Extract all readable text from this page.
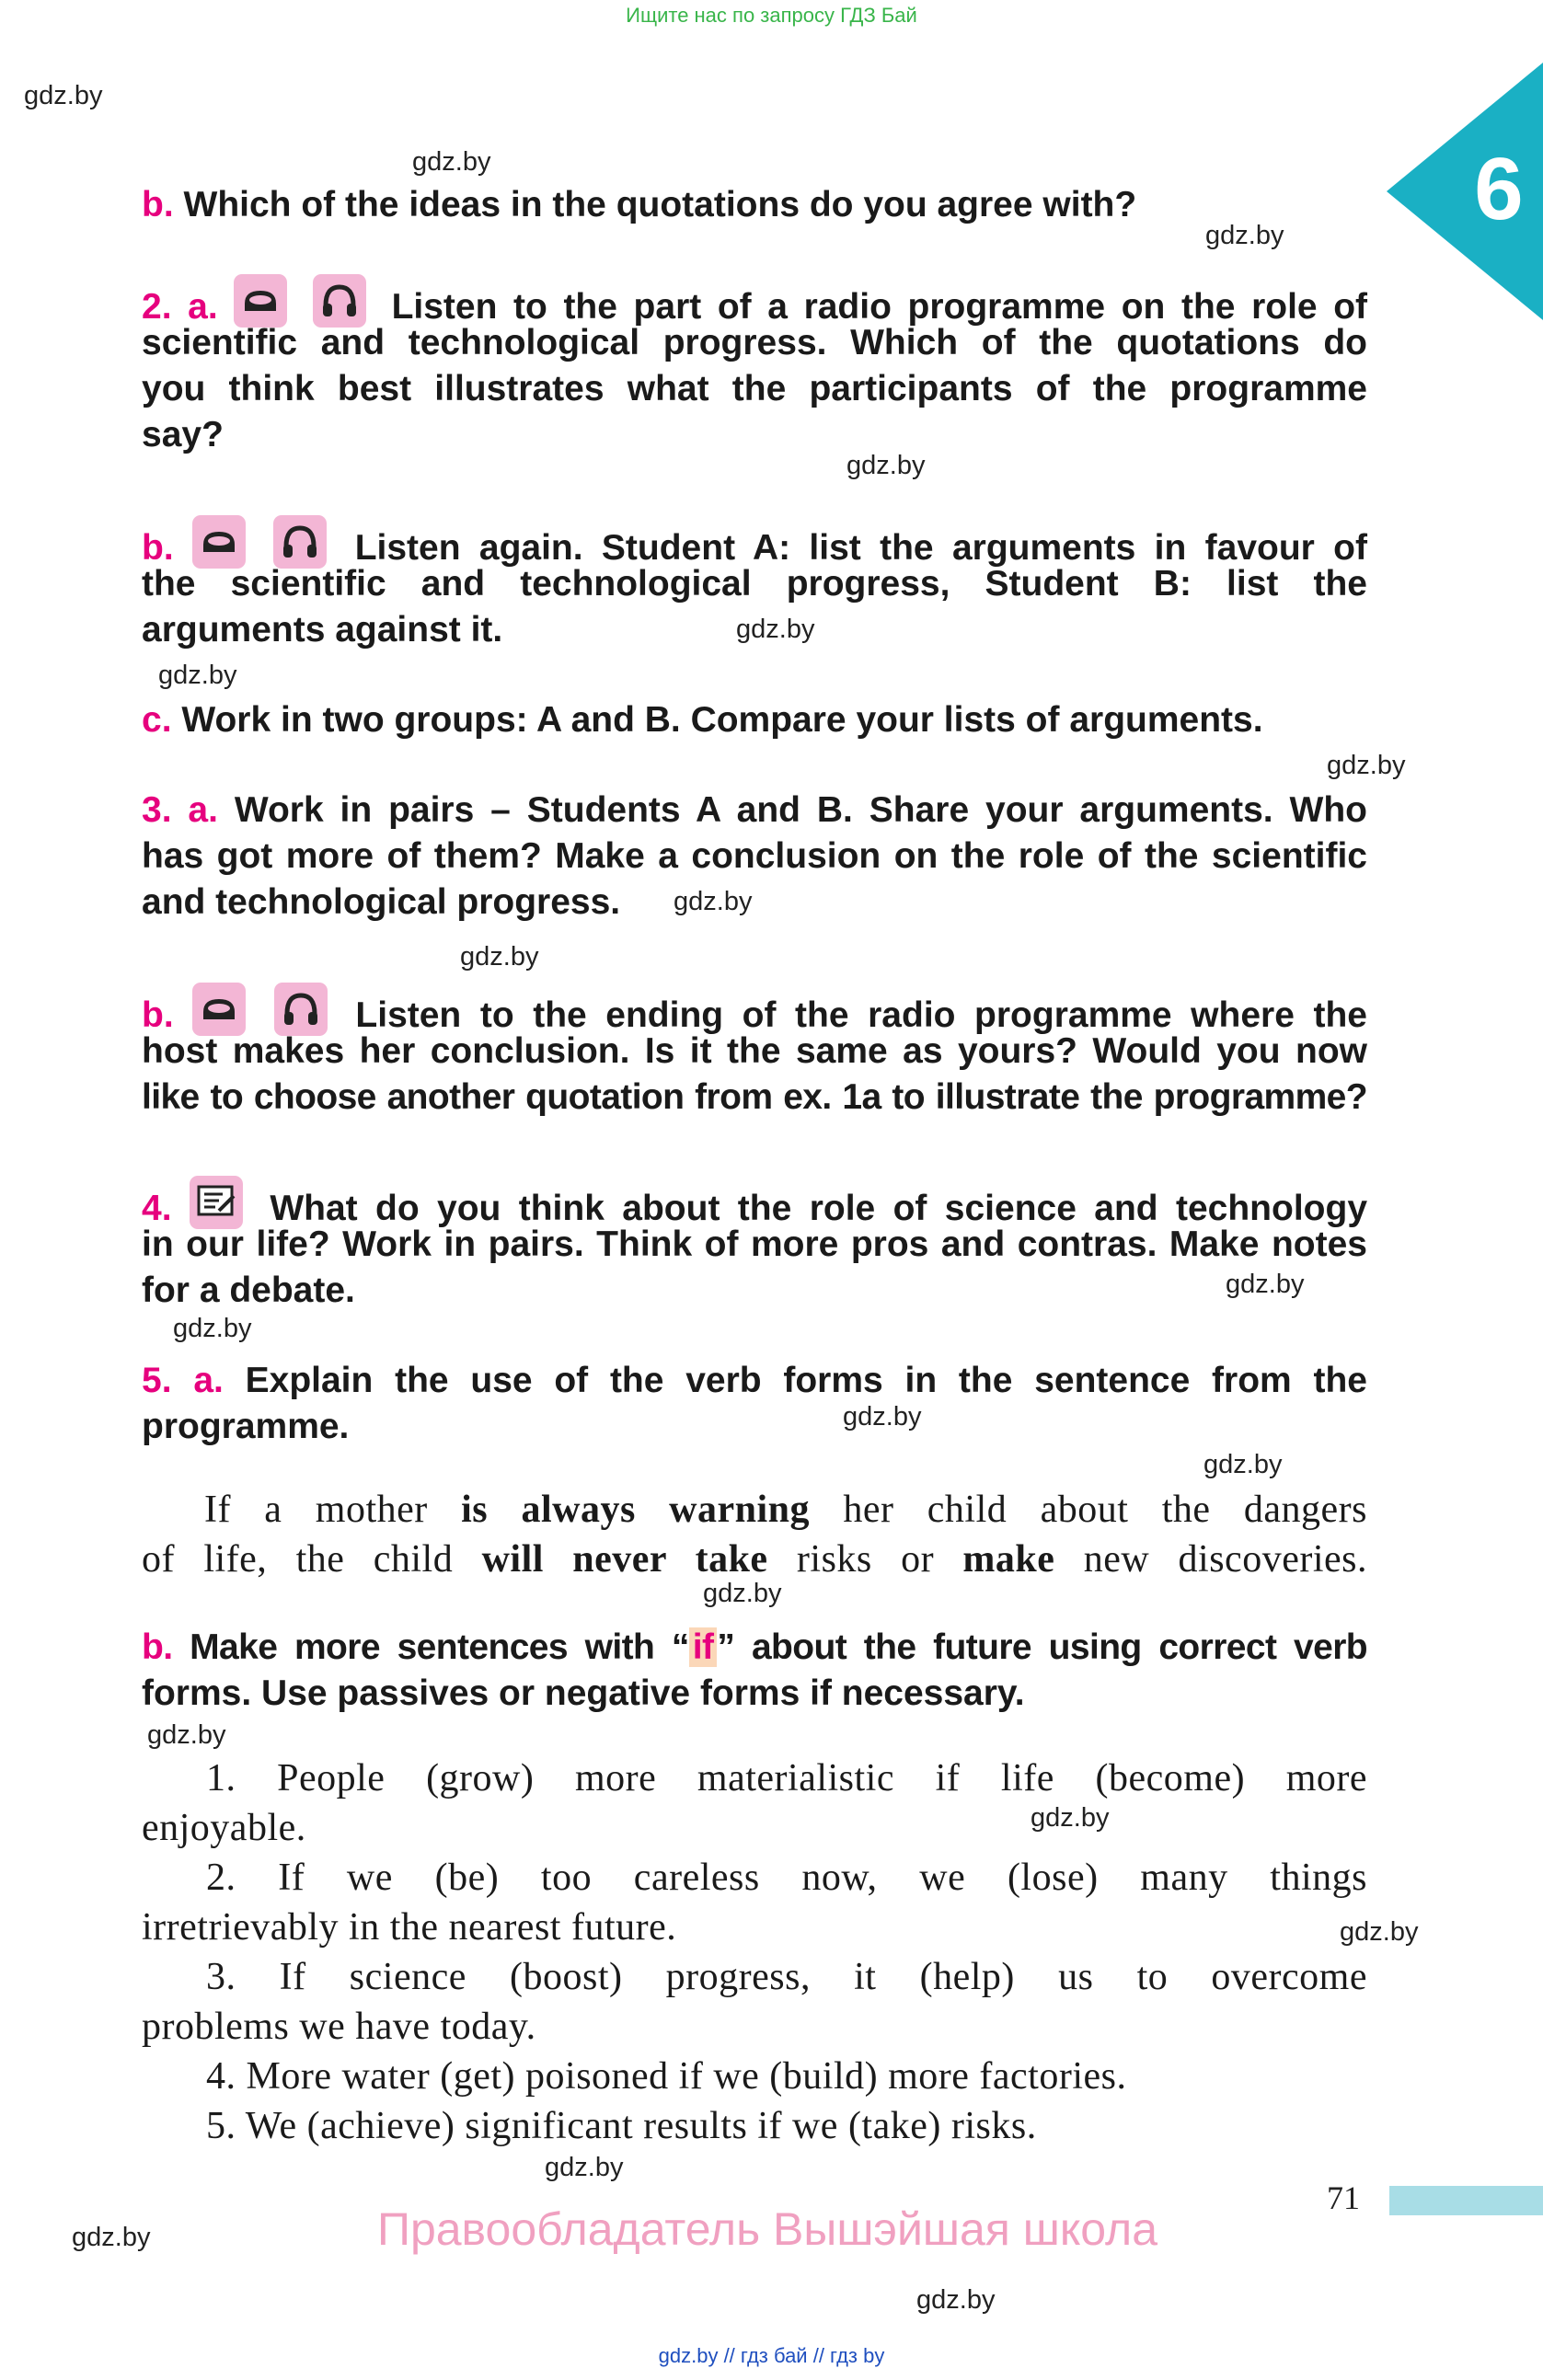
Ищите нас по запросу ГДЗ Бай
6
gdz.by
gdz.by
gdz.by
gdz.by
gdz.by
gdz.by
gdz.by
gdz.by
gdz.by
gdz.by
gdz.by
gdz.by
gdz.by
gdz.by
gdz.by
gdz.by
gdz.by
gdz.by
gdz.by
gdz.by
b. Which of the ideas in the quotations do you agree with?
2. a.
	Listen to the part of a radio programme on the role of
scientific and technological progress. Which of the quotations do
you think best illustrates what the participants of the programme
say?
b.
	Listen again. Student A: list the arguments in favour of
the scientific and technological progress, Student B: list the
arguments against it.
c. Work in two groups: A and B. Compare your lists of arguments.
3. a. Work in pairs – Students A and B. Share your arguments. Who
has got more of them? Make a conclusion on the role of the scientific
and technological progress.
b.
	Listen to the ending of the radio programme where the
host makes her conclusion. Is it the same as yours? Would you now
like to choose another quotation from ex. 1a to illustrate the programme?
4.	What do you think about the role of science and technology
in our life? Work in pairs. Think of more pros and contras. Make notes
for a debate.
5. a. Explain the use of the verb forms in the sentence from the
programme.
If a mother is always warning her child about the dangers
of life, the child will never take risks or make new discoveries.
b. Make more sentences with “ if ” about the future using correct verb
forms. Use passives or negative forms if necessary.
1. People (grow) more materialistic if life (become) more
enjoyable.
2. If we (be) too careless now, we (lose) many things
irretrievably in the nearest future.
3. If science (boost) progress, it (help) us to overcome
problems we have today.
4. More water (get) poisoned if we (build) more factories.
5. We (achieve) significant results if we (take) risks.
71
Правообладатель Вышэйшая школа
gdz.by // гдз бай // гдз by
